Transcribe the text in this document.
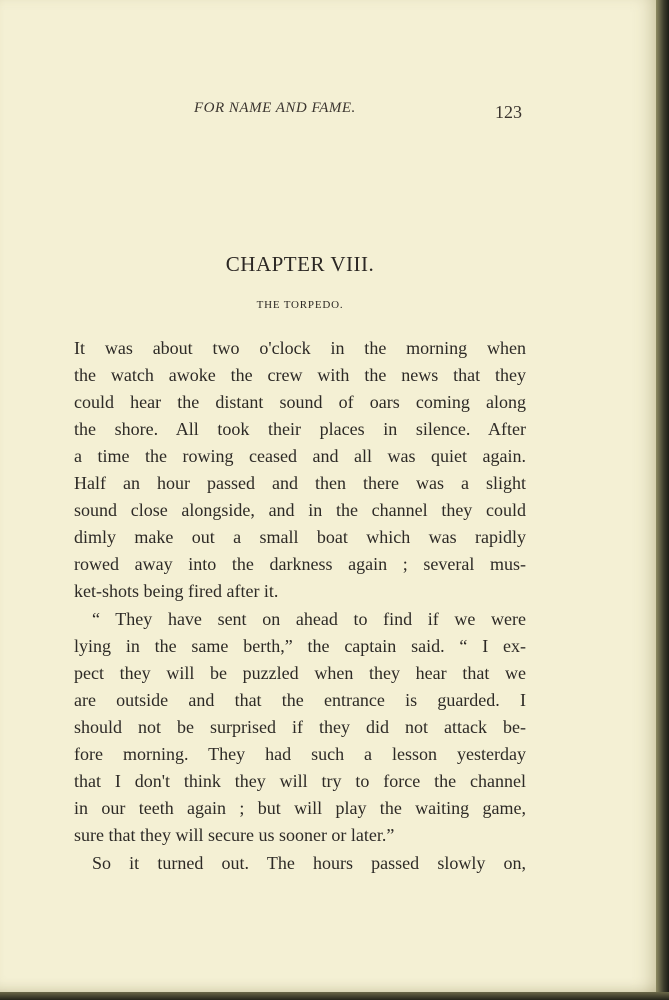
FOR NAME AND FAME.	123
CHAPTER VIII.
THE TORPEDO.
It was about two o'clock in the morning when
the watch awoke the crew with the news that they
could hear the distant sound of oars coming along
the shore. All took their places in silence. After
a time the rowing ceased and all was quiet again.
Half an hour passed and then there was a slight
sound close alongside, and in the channel they could
dimly make out a small boat which was rapidly
rowed away into the darkness again ; several mus-
ket-shots being fired after it.
“ They have sent on ahead to find if we were
lying in the same berth,” the captain said. “ I ex-
pect they will be puzzled when they hear that we
are outside and that the entrance is guarded. I
should not be surprised if they did not attack be-
fore morning. They had such a lesson yesterday
that I don't think they will try to force the channel
in our teeth again ; but will play the waiting game,
sure that they will secure us sooner or later.”
So it turned out. The hours passed slowly on,
